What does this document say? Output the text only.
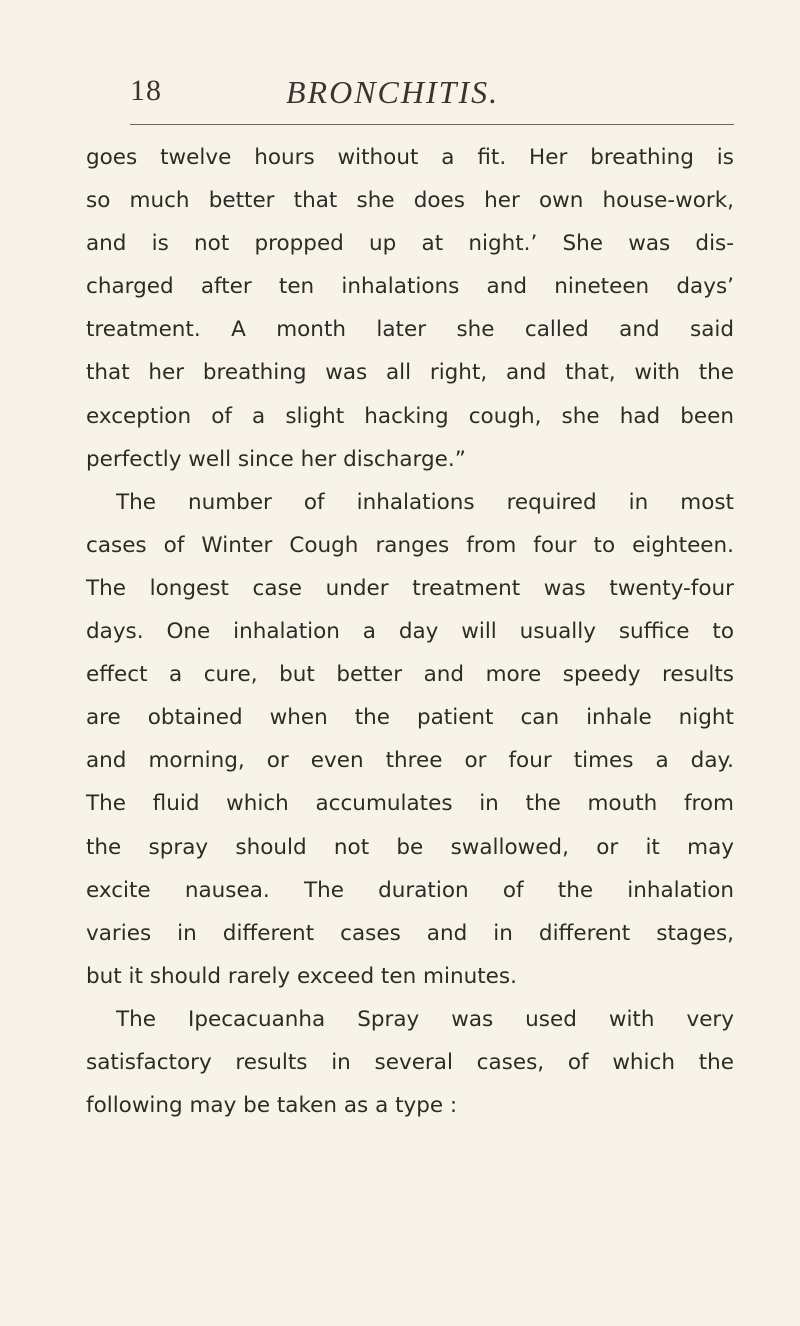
18	BRONCHITIS.
goes twelve hours without a fit. Her breathing is
so much better that she does her own house-work,
and is not propped up at night.’ She was dis-
charged after ten inhalations and nineteen days’
treatment. A month later she called and said
that her breathing was all right, and that, with the
exception of a slight hacking cough, she had been
perfectly well since her discharge.”
The number of inhalations required in most
cases of Winter Cough ranges from four to eighteen.
The longest case under treatment was twenty-four
days. One inhalation a day will usually suffice to
effect a cure, but better and more speedy results
are obtained when the patient can inhale night
and morning, or even three or four times a day.
The fluid which accumulates in the mouth from
the spray should not be swallowed, or it may
excite nausea. The duration of the inhalation
varies in different cases and in different stages,
but it should rarely exceed ten minutes.
The Ipecacuanha Spray was used with very
satisfactory results in several cases, of which the
following may be taken as a type :
